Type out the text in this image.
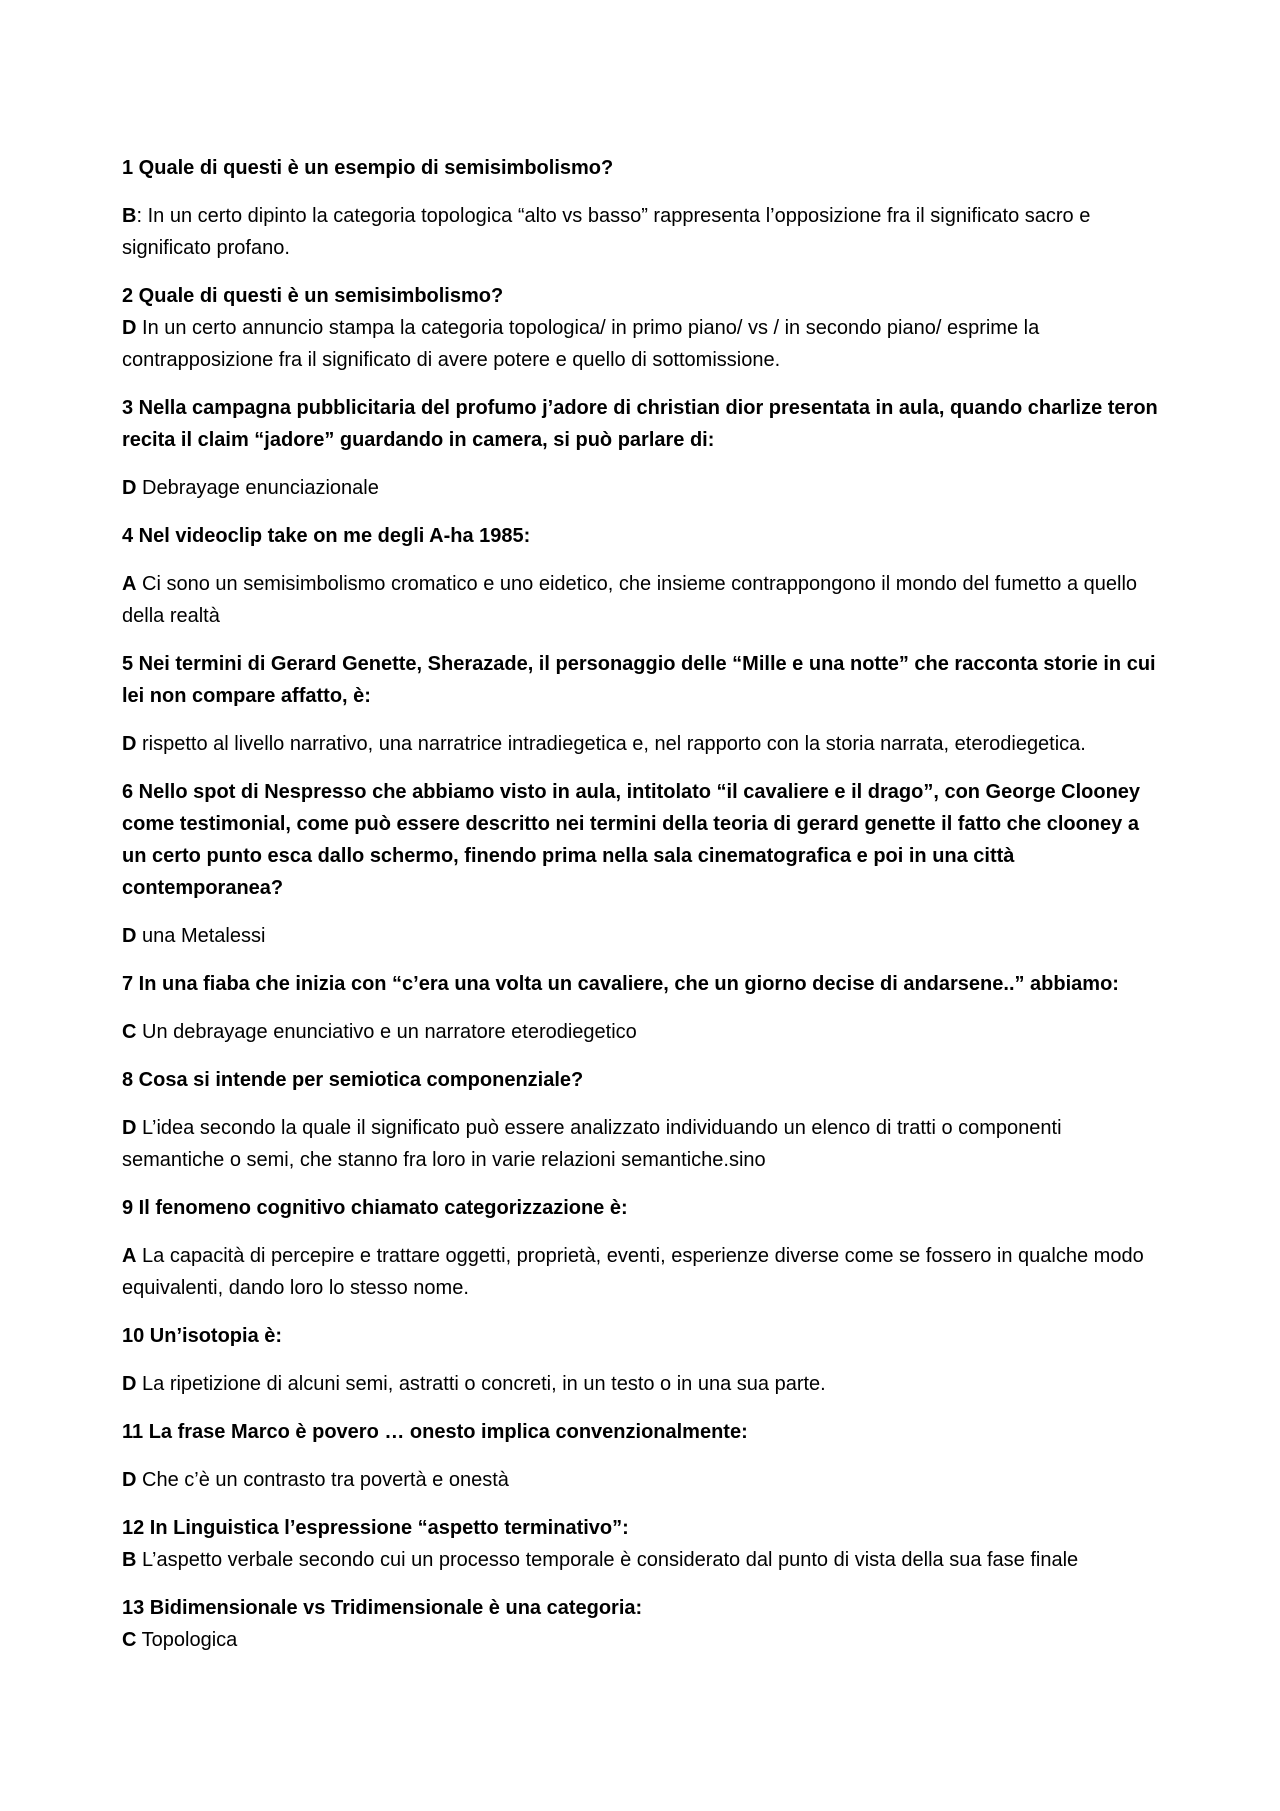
1 Quale di questi è un esempio di semisimbolismo?

B: In un certo dipinto la categoria topologica “alto vs basso” rappresenta l’opposizione fra il significato sacro e significato profano.

2 Quale di questi è un semisimbolismo?

D In un certo annuncio stampa la categoria topologica/ in primo piano/ vs / in secondo piano/ esprime la contrapposizione fra il significato di avere potere e quello di sottomissione.

3 Nella campagna pubblicitaria del profumo j’adore di christian dior presentata in aula, quando charlize teron recita il claim “jadore” guardando in camera, si può parlare di:

D Debrayage enunciazionale

4 Nel videoclip take on me degli A-ha 1985:

A Ci sono un semisimbolismo cromatico e uno eidetico, che insieme contrappongono il mondo del fumetto a quello della realtà

5 Nei termini di Gerard Genette, Sherazade, il personaggio delle “Mille e una notte” che racconta storie in cui lei non compare affatto, è:

D rispetto al livello narrativo, una narratrice intradiegetica e, nel rapporto con la storia narrata, eterodiegetica.

6 Nello spot di Nespresso che abbiamo visto in aula, intitolato “il cavaliere e il drago”, con George Clooney come testimonial, come può essere descritto nei termini della teoria di gerard genette il fatto che clooney a un certo punto esca dallo schermo, finendo prima nella sala cinematografica e poi in una città contemporanea?

D una Metalessi

7 In una fiaba che inizia con “c’era una volta un cavaliere, che un giorno decise di andarsene..” abbiamo:

C Un debrayage enunciativo e un narratore eterodiegetico

8 Cosa si intende per semiotica componenziale?

D L’idea secondo la quale il significato può essere analizzato individuando un elenco di tratti o componenti semantiche o semi, che stanno fra loro in varie relazioni semantiche.sino

9 Il fenomeno cognitivo chiamato categorizzazione è:

A La capacità di percepire e trattare oggetti, proprietà, eventi, esperienze diverse come se fossero in qualche modo equivalenti, dando loro lo stesso nome.

10 Un’isotopia è:

D La ripetizione di alcuni semi, astratti o concreti, in un testo o in una sua parte.

11 La frase Marco è povero … onesto implica convenzionalmente:

D Che c’è un contrasto tra povertà e onestà

12 In Linguistica l’espressione “aspetto terminativo”:

B L’aspetto verbale secondo cui un processo temporale è considerato dal punto di vista della sua fase finale

13 Bidimensionale vs Tridimensionale è una categoria:

C Topologica
